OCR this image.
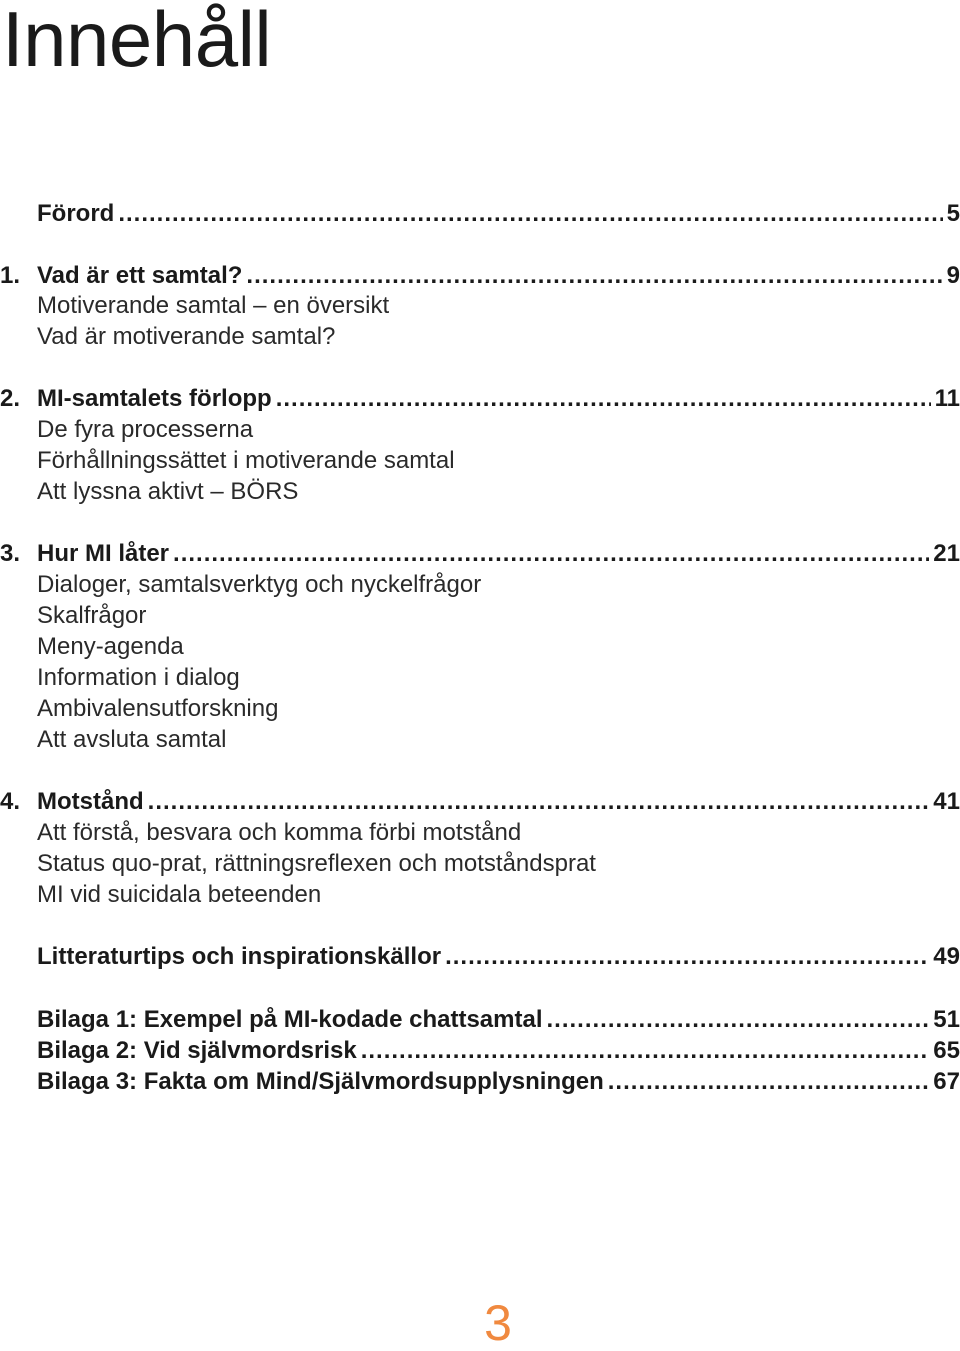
Innehåll
Förord .....	5
1. Vad är ett samtal? .....	9
Motiverande samtal – en översikt
Vad är motiverande samtal?
2. MI-samtalets förlopp .....	11
De fyra processerna
Förhållningssättet i motiverande samtal
Att lyssna aktivt – BÖRS
3. Hur MI låter .....	21
Dialoger, samtalsverktyg och nyckelfrågor
Skalfrågor
Meny-agenda
Information i dialog
Ambivalensutforskning
Att avsluta samtal
4. Motstånd .....	41
Att förstå, besvara och komma förbi motstånd
Status quo-prat, rättningsreflexen och motståndsprat
MI vid suicidala beteenden
Litteraturtips och inspirationskällor .....	49
Bilaga 1: Exempel på MI-kodade chattsamtal .....	51
Bilaga 2: Vid självmordsrisk .....	65
Bilaga 3: Fakta om Mind/Självmordsupplysningen .....	67
3
